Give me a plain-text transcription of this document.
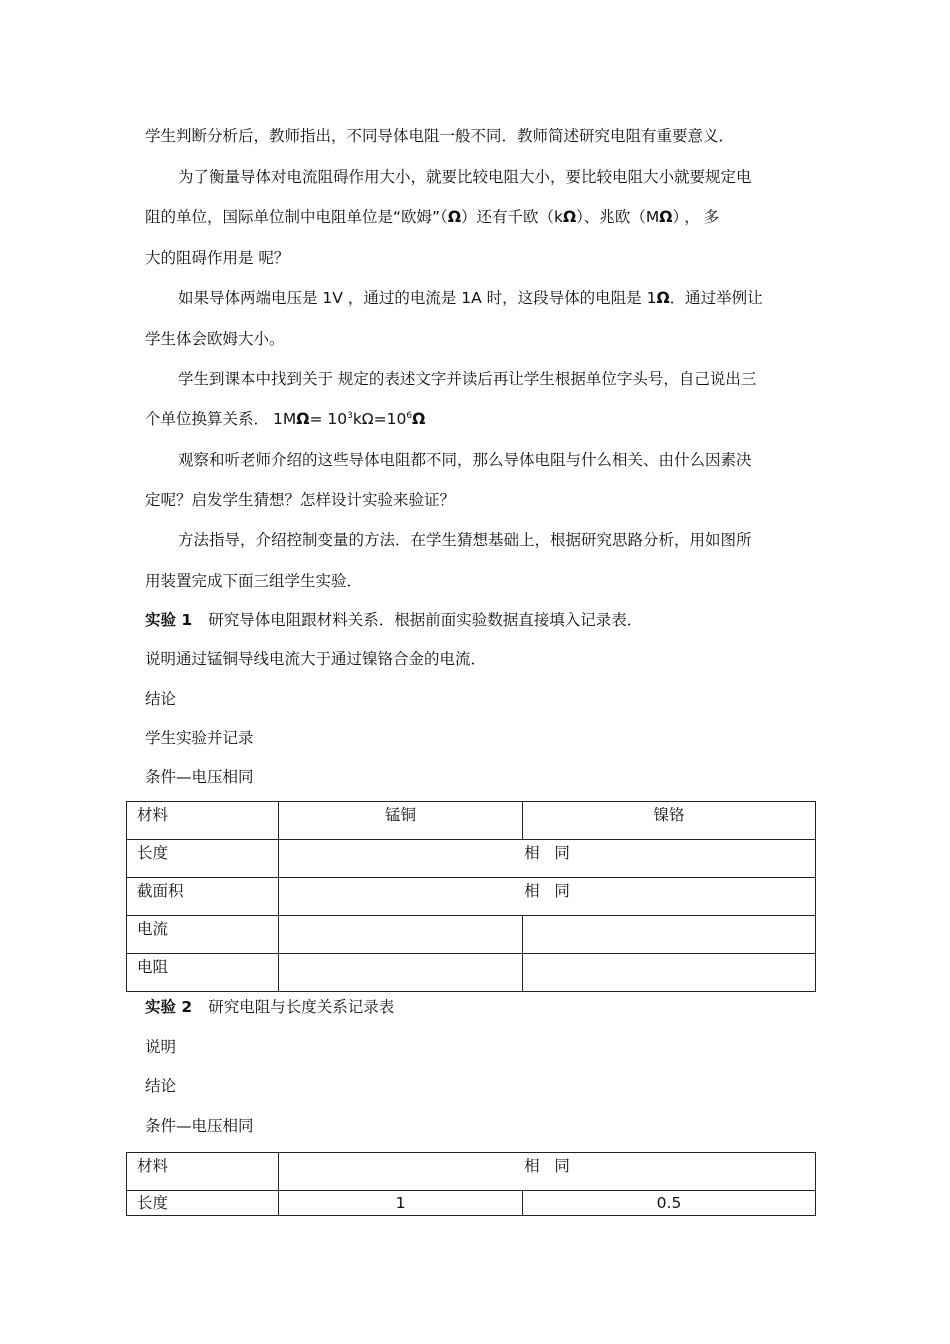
学生判断分析后，教师指出，不同导体电阻一般不同．教师简述研究电阻有重要意义．
为了衡量导体对电流阻碍作用大小，就要比较电阻大小，要比较电阻大小就要规定电
阻的单位，国际单位制中电阻单位是“欧姆”（Ω）还有千欧（kΩ）、兆欧（MΩ），多
大的阻碍作用是 呢？
如果导体两端电压是 1V ，通过的电流是 1A 时，这段导体的电阻是 1Ω．通过举例让
学生体会欧姆大小。
学生到课本中找到关于 规定的表述文字并读后再让学生根据单位字头号，自己说出三
个单位换算关系． $1M\Omega= 10^3k\Omega=10^6\Omega$
观察和听老师介绍的这些导体电阻都不同，那么导体电阻与什么相关、由什么因素决
定呢？启发学生猜想？怎样设计实验来验证？
方法指导，介绍控制变量的方法．在学生猜想基础上，根据研究思路分析，用如图所
用装置完成下面三组学生实验．
实验 1 研究导体电阻跟材料关系．根据前面实验数据直接填入记录表．
说明通过锰铜导线电流大于通过镍铬合金的电流．
结论
学生实验并记录
条件—电压相同
材料	锰铜	镍铬
长度	相   同	
截面积	相   同	
电流		
电阻		
实验 2 研究电阻与长度关系记录表
说明
结论
条件—电压相同
材料	相   同	
长度	1	0.5
